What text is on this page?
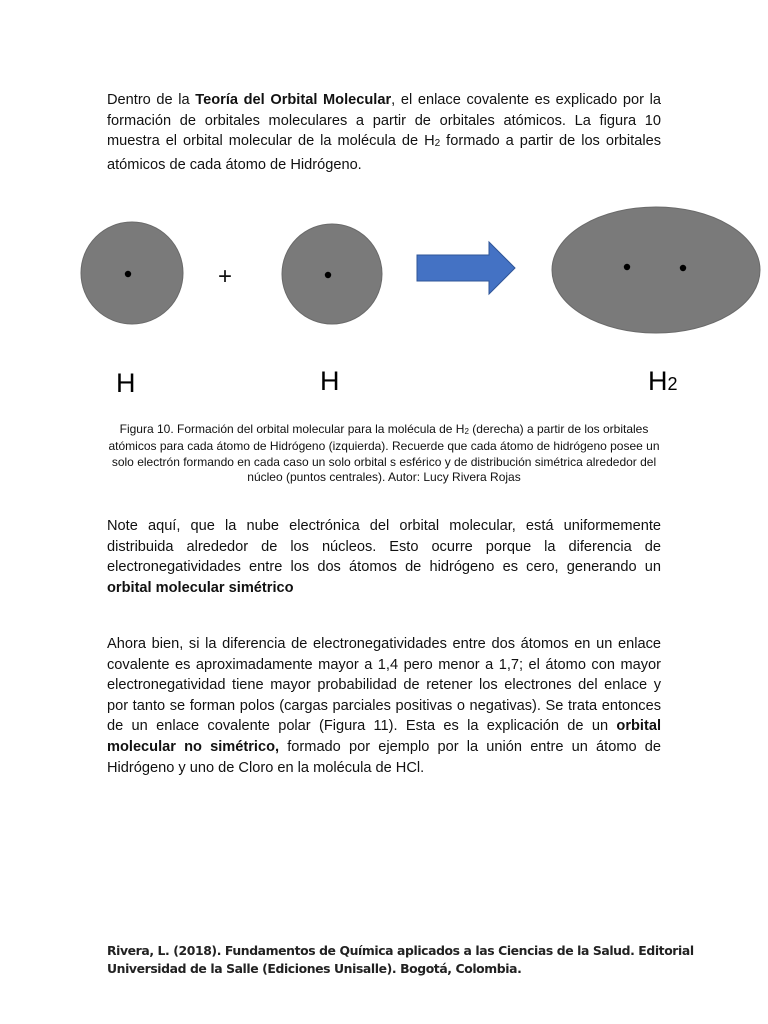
Dentro de la Teoría del Orbital Molecular, el enlace covalente es explicado por la formación de orbitales moleculares a partir de orbitales atómicos. La figura 10 muestra el orbital molecular de la molécula de $H_2$ formado a partir de los orbitales atómicos de cada átomo de Hidrógeno.

+
H	H	H2

Figura 10. Formación del orbital molecular para la molécula de $H_2$ (derecha) a partir de los orbitales atómicos para cada átomo de Hidrógeno (izquierda). Recuerde que cada átomo de hidrógeno posee un solo electrón formando en cada caso un solo orbital s esférico y de distribución simétrica alrededor del núcleo (puntos centrales). Autor: Lucy Rivera Rojas

Note aquí, que la nube electrónica del orbital molecular, está uniformemente distribuida alrededor de los núcleos. Esto ocurre porque la diferencia de electronegatividades entre los dos átomos de hidrógeno es cero, generando un orbital molecular simétrico

Ahora bien, si la diferencia de electronegatividades entre dos átomos en un enlace covalente es aproximadamente mayor a 1,4 pero menor a 1,7; el átomo con mayor electronegatividad tiene mayor probabilidad de retener los electrones del enlace y por tanto se forman polos (cargas parciales positivas o negativas). Se trata entonces de un enlace covalente polar (Figura 11). Esta es la explicación de un orbital molecular no simétrico, formado por ejemplo por la unión entre un átomo de Hidrógeno y uno de Cloro en la molécula de HCl.

Rivera, L. (2018). Fundamentos de Química aplicados a las Ciencias de la Salud. Editorial Universidad de la Salle (Ediciones Unisalle). Bogotá, Colombia.
